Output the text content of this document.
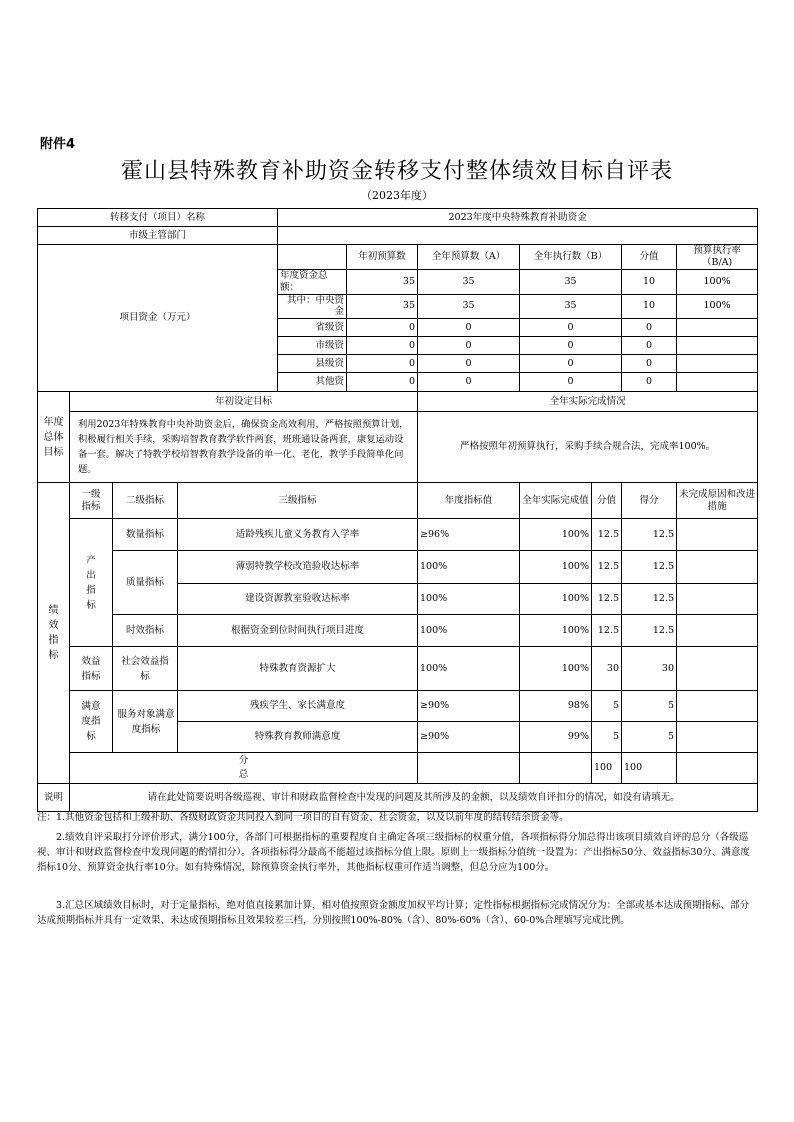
附件4
霍山县特殊教育补助资金转移支付整体绩效目标自评表
（2023年度）
转移支付（项目）名称				2023年度中央特殊教育补助资金							
市级主管部门											
项目资金（万元）					年初预算数	全年预算数（A）	全年执行数（B）		分值	预算执行率（B/A)	
				年度资金总额：	35	35	35		10	100%	
				其中：中央资金	35	35	35		10	100%	
				省级资	0	0	0		0		
				市级资	0	0	0		0		
				县级资	0	0	0		0		
				其他资	0	0	0		0		

年度总体目标	年初设定目标					全年实际完成情况					
	利用2023年特殊教育中央补助资金后，确保资金高效利用，严格按照预算计划，积极履行相关手续，采购培智教育教学软件两套，班班通设备两套，康复运动设备一套。解决了特教学校培智教育教学设备的单一化、老化，教学手段简单化问题。					严格按照年初预算执行，采购手续合规合法，完成率100%。					

绩效指标	一级指标	二级指标	三级指标			年度指标值	全年实际完成值	分值	得分	未完成原因和改进措施	

	产出指标	数量指标	适龄残疾儿童义务教育入学率			≥96%	100%	12.5	12.5		
		质量指标	薄弱特教学校改造验收达标率			100%	100%	12.5	12.5		
			建设资源教室验收达标率			100%	100%	12.5	12.5		
		时效指标	根据资金到位时间执行项目进度			100%	100%	12.5	12.5		

	效益指标	社会效益指标	特殊教育资源扩大			100%	100%	30	30		

	满意度指标	服务对象满意度指标	残疾学生、家长满意度			≥90%	98%	5	5		
			特殊教育教师满意度			≥90%	99%	5	5		

	分总							100	100		
说明	请在此处简要说明各级巡视、审计和财政监督检查中发现的问题及其所涉及的金额，以及绩效自评扣分的情况，如没有请填无。										
注：1.其他资金包括和上级补助、各级财政资金共同投入到同一项目的自有资金、社会资金，以及以前年度的结转结余资金等。
2.绩效自评采取打分评价形式，满分100分，各部门可根据指标的重要程度自主确定各项三级指标的权重分值，各项指标得分加总得出该项目绩效自评的总分（各级巡视、审计和财政监督检查中发现问题的酌情扣分）。各项指标得分最高不能超过该指标分值上限。原则上一级指标分值统一设置为：产出指标50分、效益指标30分、满意度指标10分、预算资金执行率10分。如有特殊情况，除预算资金执行率外，其他指标权重可作适当调整，但总分应为100分。
3.汇总区域绩效目标时，对于定量指标，绝对值直接累加计算，相对值按照资金额度加权平均计算；定性指标根据指标完成情况分为：全部或基本达成预期指标、部分达成预期指标并具有一定效果、未达成预期指标且效果较差三档，分别按照100%-80%（含）、80%-60%（含）、60-0%合理填写完成比例。
